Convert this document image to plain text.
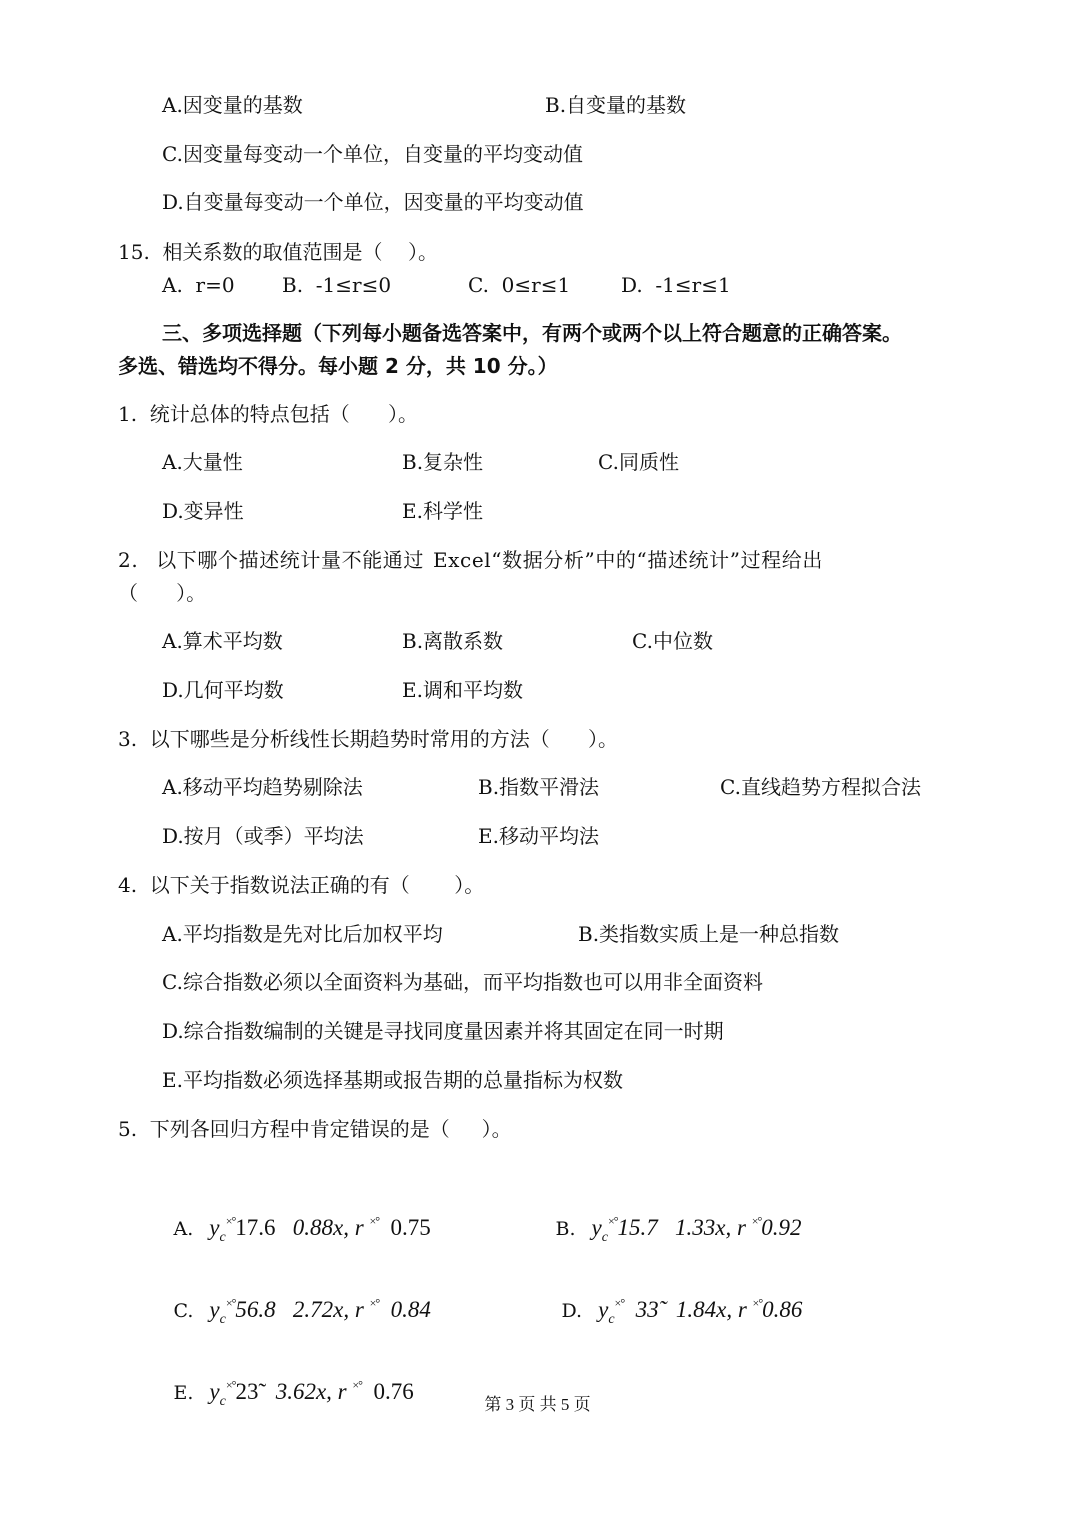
A.因变量的基数	B.自变量的基数
C.因变量每变动一个单位，自变量的平均变动值
D.自变量每变动一个单位，因变量的平均变动值
15.  相关系数的取值范围是（    ）。
A.  r=0 B.  -1≤r≤0	C.  0≤r≤1	D.  -1≤r≤1
三、多项选择题（下列每小题备选答案中，有两个或两个以上符合题意的正确答案。
多选、错选均不得分。每小题 2 分，共 10 分。）
1.  统计总体的特点包括（      ）。
A.大量性	B.复杂性	C.同质性
D.变异性	E.科学性
2.  以下哪个描述统计量不能通过 Excel“数据分析”中的“描述统计”过程给出
（      ）。
A.算术平均数	B.离散系数	C.中位数
D.几何平均数	E.调和平均数
3.  以下哪些是分析线性长期趋势时常用的方法（      ）。
A.移动平均趋势剔除法	B.指数平滑法	C.直线趋势方程拟合法
D.按月（或季）平均法	E.移动平均法
4.  以下关于指数说法正确的有（       ）。
A.平均指数是先对比后加权平均	B.类指数实质上是一种总指数
C.综合指数必须以全面资料为基础，而平均指数也可以用非全面资料
D.综合指数编制的关键是寻找同度量因素并将其固定在同一时期
E.平均指数必须选择基期或报告期的总量指标为权数
5.  下列各回归方程中肯定错误的是（     ）。

A. $y_c^{\times^\circ}17.6$ 0.88x, r ×° 0.75	B. $y_c^{\times^\circ}15.7$ 1.33x, r ×°0.92

C. $y_c^{\times^\circ}56.8$ 2.72x, r ×° 0.84	D. $y_c^{\times^\circ}$ 33̃ 1.84x, r ×°0.86

E. $y_c^{\times^\circ}23̃$ 3.62x, r ×° 0.76

第 3 页 共 5 页
